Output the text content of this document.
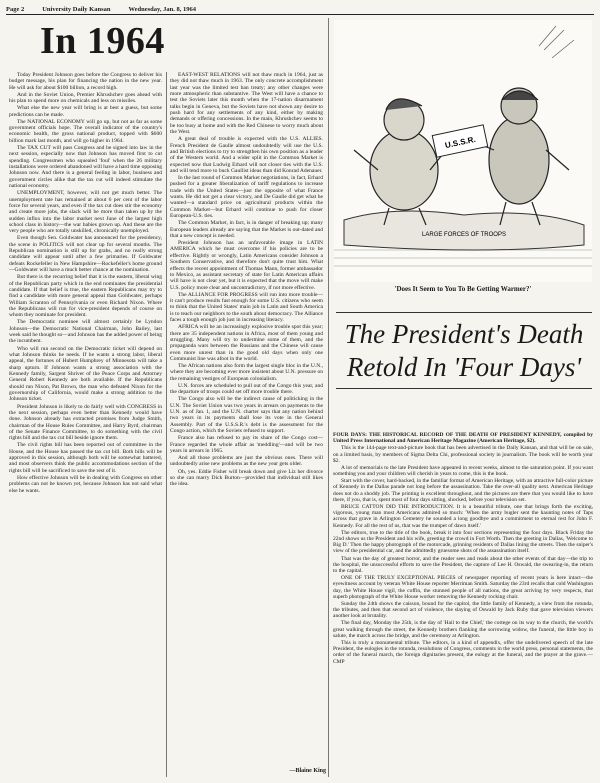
Page 2	University Daily Kansan	Wednesday, Jan. 8, 1964
In 1964

Today President Johnson goes before the Congress to deliver his budget message, his plan for financing the nation in the new year. He will ask for about $100 billion, a record high.

And in the Soviet Union, Premier Khrushchev goes ahead with his plan to spend more on chemicals and less on missiles.

What else the new year will bring is at best a guess, but some predictions can be made.

The NATIONAL ECONOMY will go up, but not as far as some government officials hope. The overall indicator of the country's economic health, the gross national product, topped with $600 billion mark last month, and will go higher in 1964.

The TAX CUT will pass Congress and be signed into law in the next session, especially now that Johnson has moved first to cut spending. Congressmen who squealed 'foul' when the 26 military installations were ordered abandoned will have a hard time opposing Johnson now. And there is a general feeling in labor, business and government circles alike that the tax cut will indeed stimulate the national economy.

UNEMPLOYMENT, however, will not get much better. The unemployment rate has remained at about 6 per cent of the labor force for several years, and even if the tax cut does stir the economy and create more jobs, the slack will be more than taken up by the sudden influx into the labor market next June of the largest high school class in history—the war babies grown up. And these are the very people who are totally unskilled, chronically unemployed.

Even though Sen. Goldwater has announced for the presidency, the scene in POLITICS will not clear up for several months. The Republican nomination is still up for grabs, and no really strong candidate will appear until after a few primaries. If Goldwater defeats Rockefeller in New Hampshire—Rockefeller's home ground—Goldwater will have a much better chance at the nomination.

But there is the recurring belief that it is the eastern, liberal wing of the Republican party which in the end nominates the presidential candidate. If that belief is true, the eastern Republicans may try to find a candidate with more general appeal than Goldwater, perhaps William Scranton of Pennsylvania or even Richard Nixon. Where the Republicans will run for vice-president depends of course on whom they nominate for president.

The Democratic nominee will almost certainly be Lyndon Johnson—the Democratic National Chairman, John Bailey, last week said he thought so—and Johnson has the added power of being the incumbent.

Who will run second on the Democratic ticket will depend on what Johnson thinks he needs. If he wants a strong labor, liberal appeal, the fortunes of Hubert Humphrey of Minnesota will take a sharp upturn. If Johnson wants a strong association with the Kennedy family, Sargent Shriver of the Peace Corps and Attorney General Robert Kennedy are both available. If the Republicans should run Nixon, Pat Brown, the man who defeated Nixon for the governorship of California, would make a strong addition to the Johnson ticket.

President Johnson is likely to do fairly well with CONGRESS in the next session, perhaps even better than Kennedy would have done. Johnson already has extracted promises from Judge Smith, chairman of the House Rules Committee, and Harry Byrd, chairman of the Senate Finance Committee, to do something with the civil rights bill and the tax cut bill beside ignore them.

The civil rights bill has been reported out of committee in the House, and the House has passed the tax cut bill. Both bills will be approved in this session, although both will be somewhat battered, and most observers think the public accommodations section of the rights bill will be sacrificed to save the rest of it.

How effective Johnson will be in dealing with Congress on other problems can not be known yet, because Johnson has not said what else he wants.

EAST-WEST RELATIONS will not thaw much in 1964, just as they did not thaw much in 1963. The only concrete accomplishment last year was the limited test ban treaty; any other changes were more atmospheric than substantive. The West will have a chance to test the Soviets later this month when the 17-nation disarmament talks begin in Geneva, but the Soviets have not shown any desire to push hard for any settlements of any kind, either by making demands or offering concessions. In the main, Khrushchev seems to be too busy at home and with the Red Chinese to worry much about the West.

A great deal of trouble is expected with the U.S. ALLIES. French President de Gaulle almost undoubtedly will use the U.S. and British elections to try to strengthen his own position as a leader of the Western world. And a wider split in the Common Market is expected now that Ludwig Erhard will not closer ties with the U.S. and will tend more to buck Gaullist ideas than did Konrad Adenauer.

In the last round of Common Market negotiations, in fact, Erhard pushed for a greater liberalization of tariff regulations to increase trade with the United States—just the opposite of what France wants. He did not get a clear victory, and De Gaulle did get what he wanted—a standard price on agricultural products within the Common Market—but Erhard will continue to push for closer European-U.S. ties.

The Common Market, in fact, is in danger of breaking up; many European leaders already are saying that the Market is out-dated and that a new concept is needed.

President Johnson has an unfavorable image in LATIN AMERICA which he must overcome if his policies are to be effective. Rightly or wrongly, Latin Americans consider Johnson a Southern Conservative, and therefore don't quite trust him. What effects the recent appointment of Thomas Mann, former ambassador to Mexico, as assistant secretary of state for Latin American affairs will have is not clear yet, but it is expected that the move will make U.S. policy more clear and uncontradictory, if not more effective.

The ALLIANCE FOR PROGRESS will run into more trouble—it can't produce results fast enough for some U.S. citizens who seem to think that the United States' main job in Latin and South America is to teach our neighbors to the south about democracy. The Alliance faces a tough enough job just in increasing literacy.

AFRICA will be an increasingly explosive trouble spot this year; there are 35 independent nations in Africa, most of them young and struggling. Many will try to undermine some of them, and the propaganda wars between the Russians and the Chinese will cause even more unrest than in the good old days when only one Communist line was afoot in the world.

The African nations also form the largest single bloc in the U.N., where they are becoming ever more insistent about U.N. pressure on the remaining vestiges of European colonialism.

U.N. forces are scheduled to pull out of the Congo this year, and the departure of troops could set off more trouble there.

The Congo also will be the indirect cause of politicking in the U.N. The Soviet Union was two years in arrears on payments to the U.N. as of Jan. 1, and the U.N. charter says that any nation behind two years in its payments shall lose its vote in the General Assembly. Part of the U.S.S.R.'s debt is the assessment for the Congo action, which the Soviets refused to support.

France also has refused to pay its share of the Congo cost—France regarded the whole affair as 'meddling'—and will be two years in arrears in 1965.

And all those problems are just the obvious ones. There will undoubtedly arise new problems as the new year gets older.

Oh, yes. Eddie Fisher will break down and give Liz her divorce so she can marry Dick Burton—provided that individual still likes the idea.

—Blaine King
U.S.S.R.
LARGE FORCES OF TROOPS
'Does It Seem to You To Be Getting Warmer?'
The President's Death
Retold In 'Four Days'

FOUR DAYS: THE HISTORICAL RECORD OF THE DEATH OF PRESIDENT KENNEDY, compiled by United Press International and American Heritage Magazine (American Heritage, $2).

This is the 144-page text-and-picture book that has been advertised in the Daily Kansan, and that will be on sale, on a limited basis, by members of Sigma Delta Chi, professional society in journalism. The book will be worth your $2.

A lot of memorials to the late President have appeared in recent weeks, almost to the saturation point. If you want something you and your children will cherish in years to come, this is the book.

Start with the cover, hard-backed, in the familiar format of American Heritage, with an attractive full-color picture of Kennedy in the Dallas parade not long before the assassination. Take the over-all quality next. American Heritage does not do a shoddy job. The printing is excellent throughout, and the pictures are there that you would like to have there, if you, that is, spent most of four days sitting, shocked, before your television set.

BRUCE CATTON DID THE INTRODUCTION. It is a beautiful tribute, one that brings forth the exciting, vigorous, young man most Americans admired so much: 'When the army bugler sent the haunting notes of Taps across that grave in Arlington Cemetery he sounded a long goodbye and a commitment to eternal rest for John F. Kennedy. For all the rest of us, that was the trumpet of dawn itself.'

The editors, true to the title of the book, break it into four sections representing the four days. Black Friday the 22nd shows us the President and his wife, greeting the crowd in Fort Worth. Then the greeting in Dallas, 'Welcome to Big D.' Then the happy photograph of the motorcade, grinning residents of Dallas lining the streets. Then the sniper's view of the presidential car, and the admittedly gruesome shots of the assassination itself.

That was the day of greatest horror, and the reader sees and reads about the other events of that day—the trip to the hospital, the unsuccessful efforts to save the President, the capture of Lee H. Oswald, the swearing-in, the return to the capital.

ONE OF THE TRULY EXCEPTIONAL PIECES of newspaper reporting of recent years is here intact—the eyewitness account by veteran White House reporter Merriman Smith. Saturday the 23rd recalls that cold Washington day, the White House vigil, the coffin, the stunned people of all nations, the great arriving by very respects, that superb photograph of the White House worker removing the Kennedy rocking chair.

Sunday the 24th shows the caisson, bound for the capitol, the little family of Kennedy, a view from the rotunda, the tributes, and then that second act of violence, the slaying of Oswald by Jack Ruby that gave television viewers another look at brutality.

The final day, Monday the 25th, is the day of 'Hail to the Chief,' the cortege on its way to the church, the world's great walking through the street, the Kennedy brothers flanking the sorrowing widow, the funeral, the little boy in salute, the march across the bridge, and the ceremony at Arlington.

This is truly a monumental tribute. The editors, in a kind of appendix, offer the undelivered speech of the late President, the eulogies in the rotunda, resolutions of Congress, comments in the world press, personal statements, the order of the funeral march, the foreign dignitaries present, the eulogy at the funeral, and the prayer at the grave.—CMP
